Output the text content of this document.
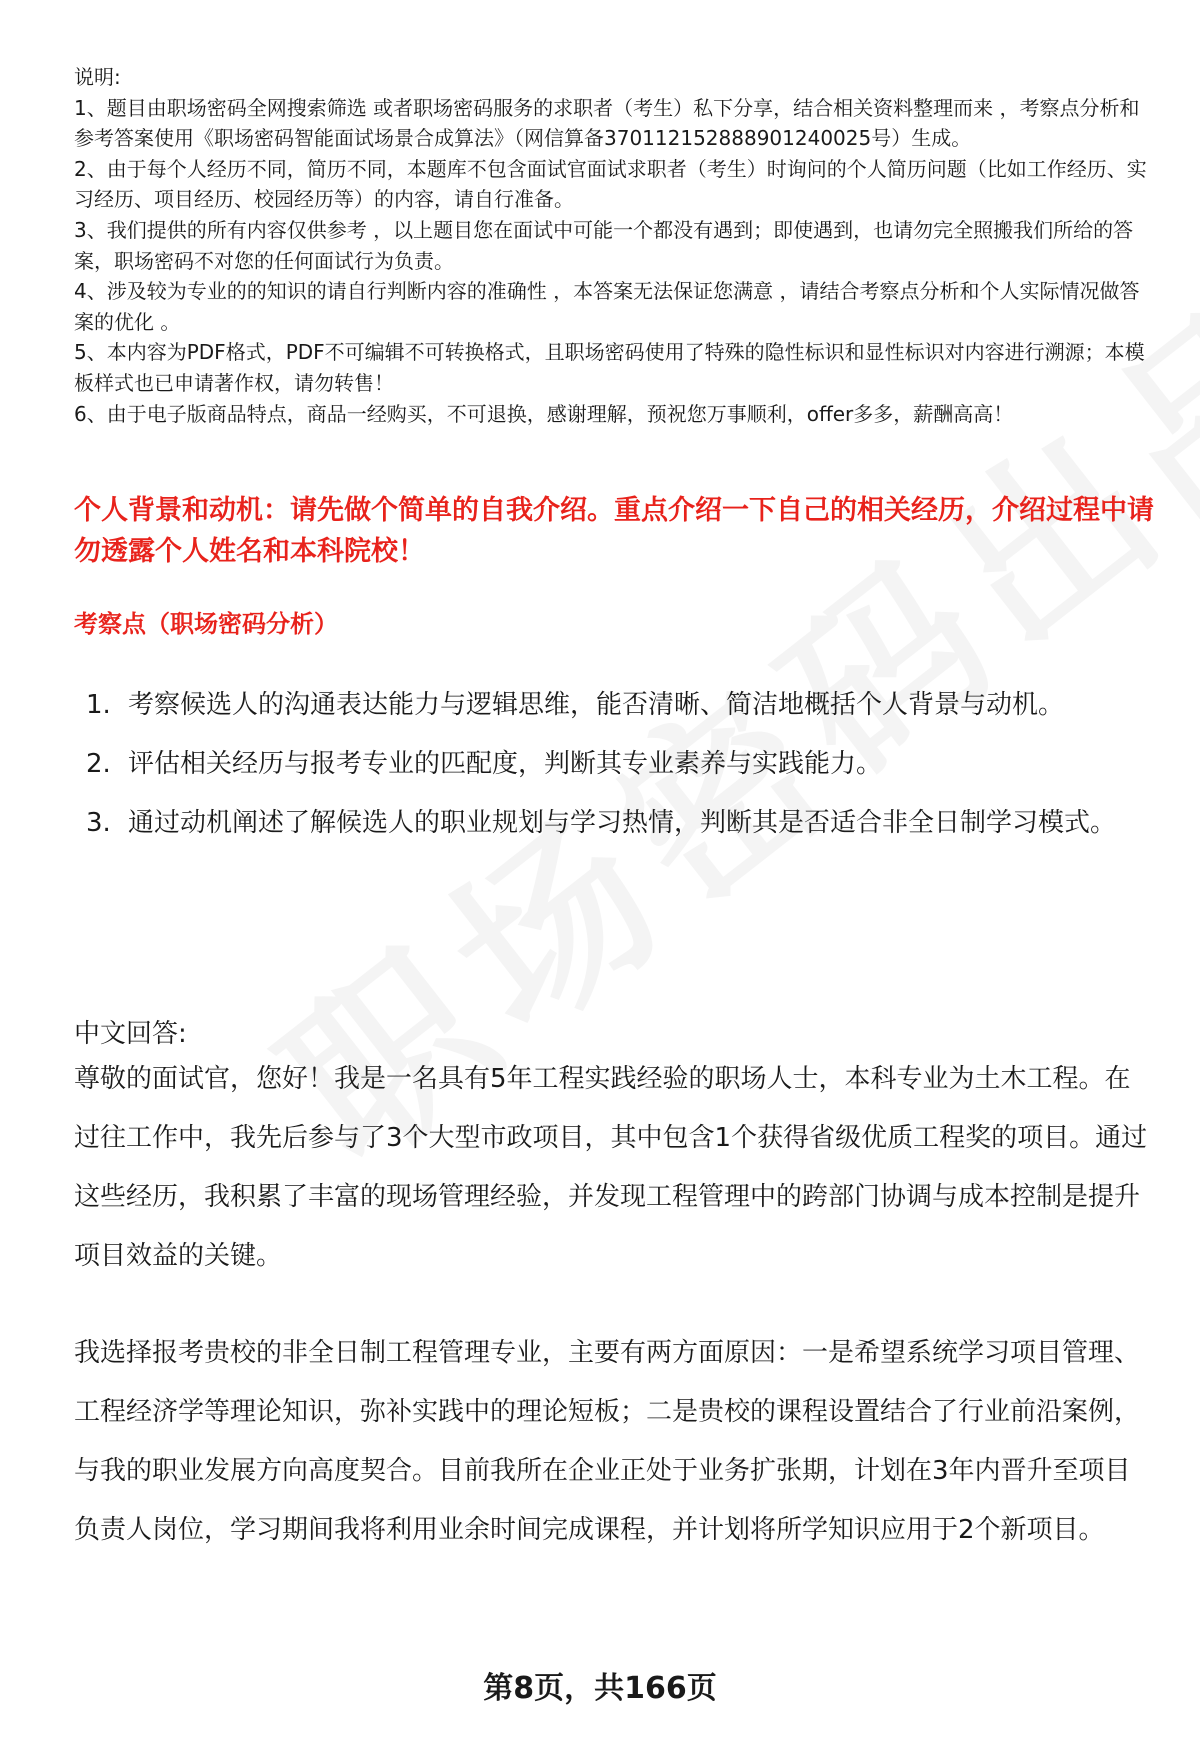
说明:

1、题目由职场密码全网搜索筛选 或者职场密码服务的求职者（考生）私下分享，结合相关资料整理而来 ，考察点分析和参考答案使用《职场密码智能面试场景合成算法》（网信算备370112152888901240025号）生成。

2、由于每个人经历不同，简历不同，本题库不包含面试官面试求职者（考生）时询问的个人简历问题（比如工作经历、实习经历、项目经历、校园经历等）的内容，请自行准备。

3、我们提供的所有内容仅供参考 ，以上题目您在面试中可能一个都没有遇到；即使遇到，也请勿完全照搬我们所给的答案，职场密码不对您的任何面试行为负责。

4、涉及较为专业的的知识的请自行判断内容的准确性 ，本答案无法保证您满意 ，请结合考察点分析和个人实际情况做答案的优化 。

5、本内容为PDF格式，PDF不可编辑不可转换格式，且职场密码使用了特殊的隐性标识和显性标识对内容进行溯源；本模板样式也已申请著作权，请勿转售！

6、由于电子版商品特点，商品一经购买，不可退换，感谢理解，预祝您万事顺利，offer多多，薪酬高高！

个人背景和动机：请先做个简单的自我介绍。重点介绍一下自己的相关经历，介绍过程中请勿透露个人姓名和本科院校！
考察点（职场密码分析）
1. 考察候选人的沟通表达能力与逻辑思维，能否清晰、简洁地概括个人背景与动机。
2. 评估相关经历与报考专业的匹配度，判断其专业素养与实践能力。
3. 通过动机阐述了解候选人的职业规划与学习热情，判断其是否适合非全日制学习模式。
中文回答:

尊敬的面试官，您好！我是一名具有5年工程实践经验的职场人士，本科专业为土木工程。在过往工作中，我先后参与了3个大型市政项目，其中包含1个获得省级优质工程奖的项目。通过这些经历，我积累了丰富的现场管理经验，并发现工程管理中的跨部门协调与成本控制是提升项目效益的关键。

我选择报考贵校的非全日制工程管理专业，主要有两方面原因：一是希望系统学习项目管理、工程经济学等理论知识，弥补实践中的理论短板；二是贵校的课程设置结合了行业前沿案例，与我的职业发展方向高度契合。目前我所在企业正处于业务扩张期，计划在3年内晋升至项目负责人岗位，学习期间我将利用业余时间完成课程，并计划将所学知识应用于2个新项目。

第8页，共166页
